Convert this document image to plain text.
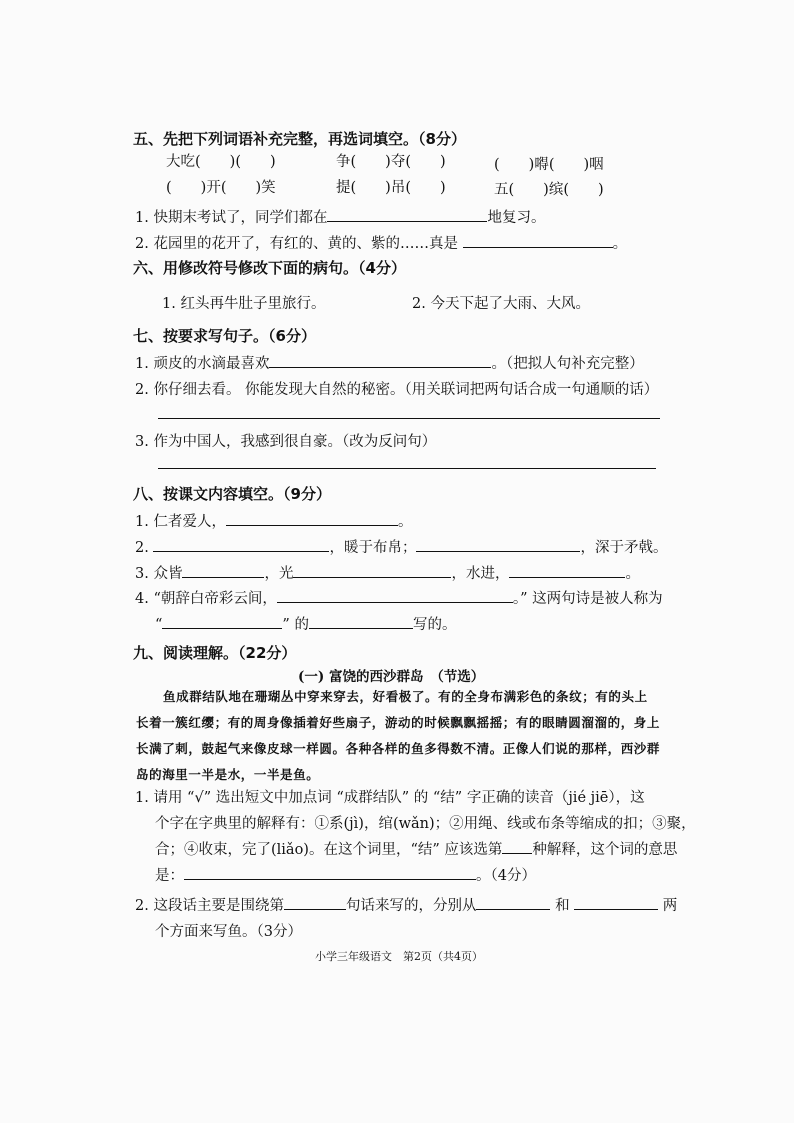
五、先把下列词语补充完整，再选词填空。（8分）
大吃(　　)(　　)	争(　　)夺(　　)	(　　)嘚(　　)咽
(　　)开(　　)笑	提(　　)吊(　　)	五(　　)缤(　　)
1. 快期末考试了，同学们都在	地复习。
2. 花园里的花开了，有红的、黄的、紫的……真是	。
六、用修改符号修改下面的病句。（4分）
1. 红头再牛肚子里旅行。	2. 今天下起了大雨、大风。
七、按要求写句子。（6分）
1. 顽皮的水滴最喜欢	。（把拟人句补充完整）
2. 你仔细去看。 你能发现大自然的秘密。（用关联词把两句话合成一句通顺的话）
3. 作为中国人，我感到很自豪。（改为反问句）
八、按课文内容填空。（9分）
1. 仁者爱人，	。
2.	，暖于布帛；	，深于矛戟。
3. 众皆	，光	，水进，	。
4. “朝辞白帝彩云间，	。” 这两句诗是被人称为
“	” 的	写的。
九、阅读理解。（22分）
(一) 富饶的西沙群岛　（节选）
鱼成群结队地在珊瑚丛中穿来穿去，好看极了。有的全身布满彩色的条纹；有的头上长着一簇红缨；有的周身像插着好些扇子，游动的时候飘飘摇摇；有的眼睛圆溜溜的，身上长满了刺，鼓起气来像皮球一样圆。各种各样的鱼多得数不清。正像人们说的那样，西沙群岛的海里一半是水，一半是鱼。
1. 请用 “√” 选出短文中加点词 “成群结队” 的 “结” 字正确的读音（jié jiē），这
个字在字典里的解释有：①系(jì)，绾(wǎn)；②用绳、线或布条等缩成的扣；③聚，
合；④收束，完了(liǎo)。在这个词里，“结” 应该选第 种解释，这个词的意思
是：	。（4分）
2. 这段话主要是围绕第	句话来写的，分别从	和	两
个方面来写鱼。（3分）
小学三年级语文　第2页（共4页）
